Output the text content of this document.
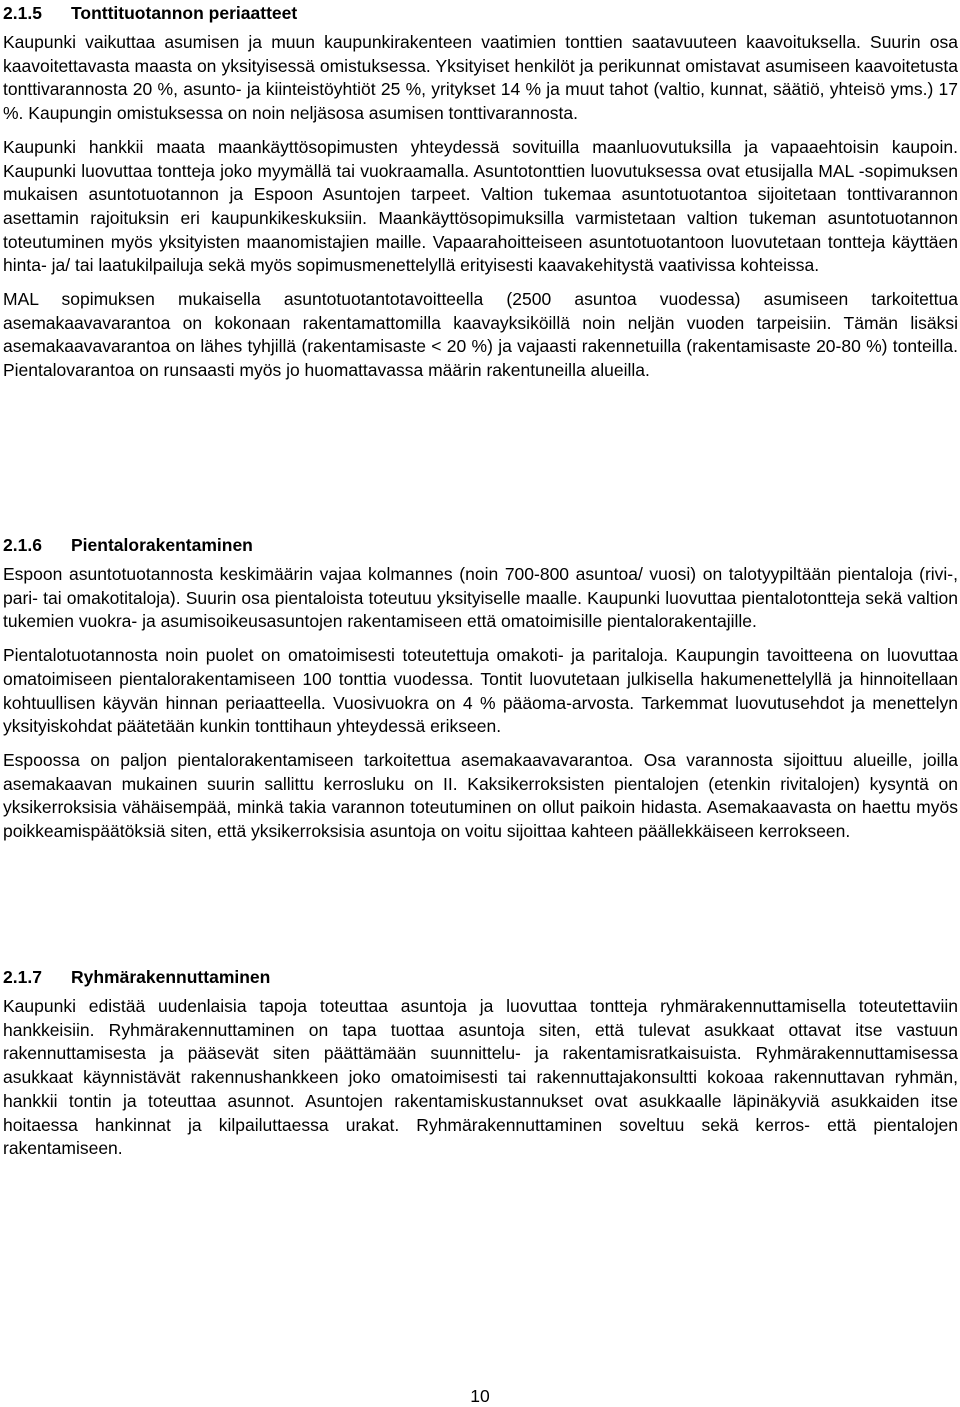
2.1.5 Tonttituotannon periaatteet

Kaupunki vaikuttaa asumisen ja muun kaupunkirakenteen vaatimien tonttien saatavuuteen kaavoituksella. Suurin osa kaavoitettavasta maasta on yksityisessä omistuksessa. Yksityiset henkilöt ja perikunnat omistavat asumiseen kaavoitetusta tonttivarannosta 20 %, asunto- ja kiinteistöyhtiöt 25 %, yritykset 14 % ja muut tahot (valtio, kunnat, säätiö, yhteisö yms.) 17 %. Kaupungin omistuksessa on noin neljäsosa asumisen tonttivarannosta.

Kaupunki hankkii maata maankäyttösopimusten yhteydessä sovituilla maanluovutuksilla ja vapaaehtoisin kaupoin. Kaupunki luovuttaa tontteja joko myymällä tai vuokraamalla. Asuntotonttien luovutuksessa ovat etusijalla MAL -sopimuksen mukaisen asuntotuotannon ja Espoon Asuntojen tarpeet. Valtion tukemaa asuntotuotantoa sijoitetaan tonttivarannon asettamin rajoituksin eri kaupunkikeskuksiin. Maankäyttösopimuksilla varmistetaan valtion tukeman asuntotuotannon toteutuminen myös yksityisten maanomistajien maille. Vapaarahoitteiseen asuntotuotantoon luovutetaan tontteja käyttäen hinta- ja/ tai laatukilpailuja sekä myös sopimusmenettelyllä erityisesti kaavakehitystä vaativissa kohteissa.

MAL sopimuksen mukaisella asuntotuotantotavoitteella (2500 asuntoa vuodessa) asumiseen tarkoitettua asemakaavavarantoa on kokonaan rakentamattomilla kaavayksiköillä noin neljän vuoden tarpeisiin. Tämän lisäksi asemakaavavarantoa on lähes tyhjillä (rakentamisaste < 20 %) ja vajaasti rakennetuilla (rakentamisaste 20-80 %) tonteilla. Pientalovarantoa on runsaasti myös jo huomattavassa määrin rakentuneilla alueilla.

2.1.6 Pientalorakentaminen

Espoon asuntotuotannosta keskimäärin vajaa kolmannes (noin 700-800 asuntoa/ vuosi) on talotyypiltään pientaloja (rivi-, pari- tai omakotitaloja). Suurin osa pientaloista toteutuu yksityiselle maalle. Kaupunki luovuttaa pientalotontteja sekä valtion tukemien vuokra- ja asumisoikeusasuntojen rakentamiseen että omatoimisille pientalorakentajille.

Pientalotuotannosta noin puolet on omatoimisesti toteutettuja omakoti- ja paritaloja. Kaupungin tavoitteena on luovuttaa omatoimiseen pientalorakentamiseen 100 tonttia vuodessa. Tontit luovutetaan julkisella hakumenettelyllä ja hinnoitellaan kohtuullisen käyvän hinnan periaatteella. Vuosivuokra on 4 % pääoma-arvosta. Tarkemmat luovutusehdot ja menettelyn yksityiskohdat päätetään kunkin tonttihaun yhteydessä erikseen.

Espoossa on paljon pientalorakentamiseen tarkoitettua asemakaavavarantoa. Osa varannosta sijoittuu alueille, joilla asemakaavan mukainen suurin sallittu kerrosluku on II. Kaksikerroksisten pientalojen (etenkin rivitalojen) kysyntä on yksikerroksisia vähäisempää, minkä takia varannon toteutuminen on ollut paikoin hidasta. Asemakaavasta on haettu myös poikkeamispäätöksiä siten, että yksikerroksisia asuntoja on voitu sijoittaa kahteen päällekkäiseen kerrokseen.

2.1.7 Ryhmärakennuttaminen

Kaupunki edistää uudenlaisia tapoja toteuttaa asuntoja ja luovuttaa tontteja ryhmärakennuttamisella toteutettaviin hankkeisiin. Ryhmärakennuttaminen on tapa tuottaa asuntoja siten, että tulevat asukkaat ottavat itse vastuun rakennuttamisesta ja pääsevät siten päättämään suunnittelu- ja rakentamisratkaisuista. Ryhmärakennuttamisessa asukkaat käynnistävät rakennushankkeen joko omatoimisesti tai rakennuttajakonsultti kokoaa rakennuttavan ryhmän, hankkii tontin ja toteuttaa asunnot. Asuntojen rakentamiskustannukset ovat asukkaalle läpinäkyviä asukkaiden itse hoitaessa hankinnat ja kilpailuttaessa urakat. Ryhmärakennuttaminen soveltuu sekä kerros- että pientalojen rakentamiseen.

10
